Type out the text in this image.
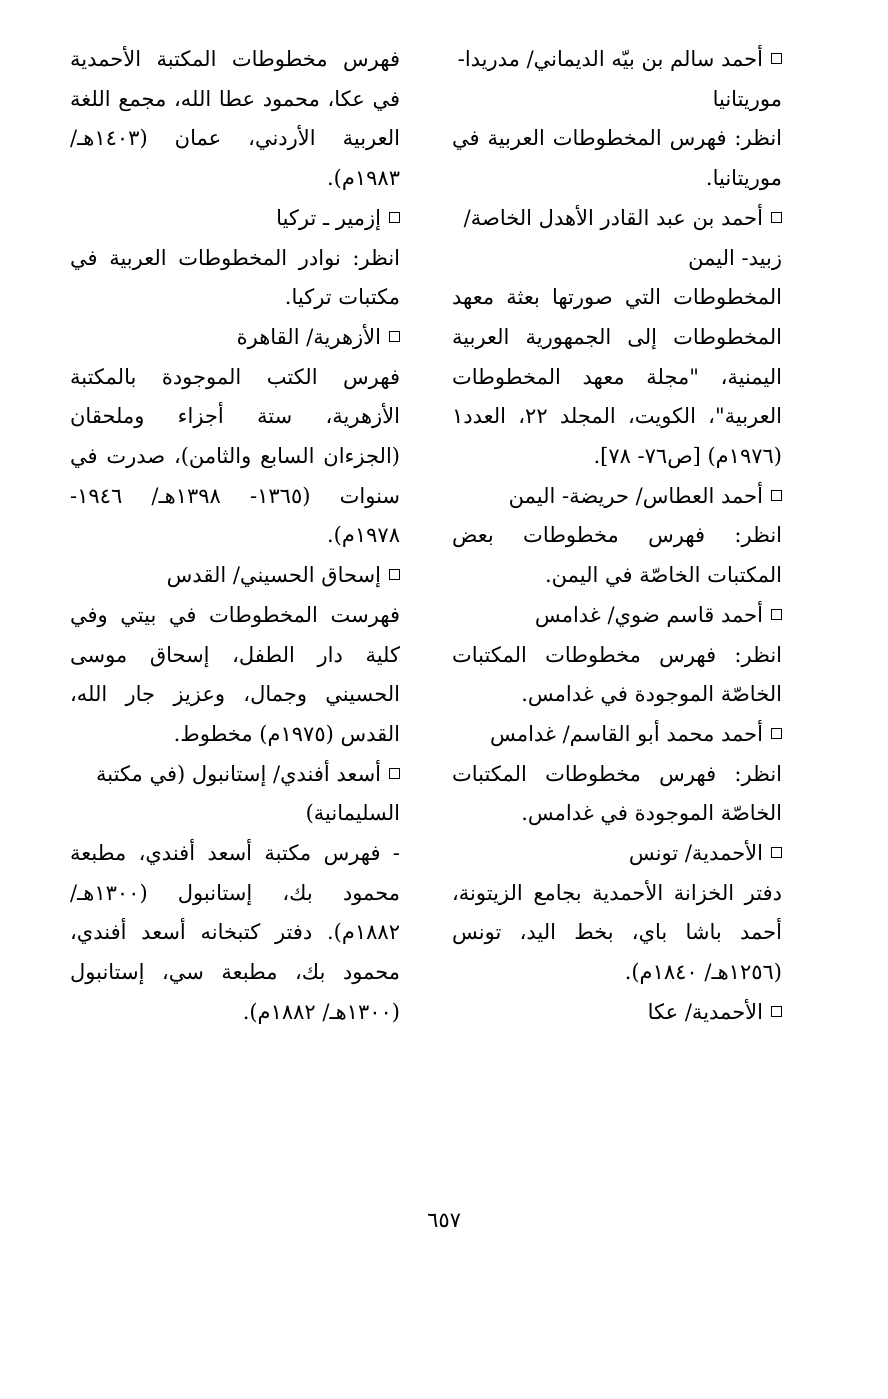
أحمد سالم بن بيّه الديماني/ مدريدا- موريتانيا
انظر: فهرس المخطوطات العربية في موريتانيا.

أحمد بن عبد القادر الأهدل الخاصة/ زبيد- اليمن
المخطوطات التي صورتها بعثة معهد المخطوطات إلى الجمهورية العربية اليمنية، "مجلة معهد المخطوطات العربية"، الكويت، المجلد ٢٢، العدد١ (١٩٧٦م) [ص٧٦- ٧٨].

أحمد العطاس/ حريضة- اليمن
انظر: فهرس مخطوطات بعض المكتبات الخاصّة في اليمن.

أحمد قاسم ضوي/ غدامس
انظر: فهرس مخطوطات المكتبات الخاصّة الموجودة في غدامس.

أحمد محمد أبو القاسم/ غدامس
انظر: فهرس مخطوطات المكتبات الخاصّة الموجودة في غدامس.

الأحمدية/ تونس
دفتر الخزانة الأحمدية بجامع الزيتونة، أحمد باشا باي، بخط اليد، تونس (١٢٥٦هـ/ ١٨٤٠م).

الأحمدية/ عكا

فهرس مخطوطات المكتبة الأحمدية في عكا، محمود عطا الله، مجمع اللغة العربية الأردني، عمان (١٤٠٣هـ/ ١٩٨٣م).

إزمير ـ تركيا
انظر: نوادر المخطوطات العربية في مكتبات تركيا.

الأزهرية/ القاهرة
فهرس الكتب الموجودة بالمكتبة الأزهرية، ستة أجزاء وملحقان (الجزءان السابع والثامن)، صدرت في سنوات (١٣٦٥- ١٣٩٨هـ/ ١٩٤٦- ١٩٧٨م).

إسحاق الحسيني/ القدس
فهرست المخطوطات في بيتي وفي كلية دار الطفل، إسحاق موسى الحسيني وجمال، وعزيز جار الله، القدس (١٩٧٥م) مخطوط.

أسعد أفندي/ إستانبول (في مكتبة السليمانية)
- فهرس مكتبة أسعد أفندي، مطبعة محمود بك، إستانبول (١٣٠٠هـ/ ١٨٨٢م). دفتر كتبخانه أسعد أفندي، محمود بك، مطبعة سي، إستانبول (١٣٠٠هـ/ ١٨٨٢م).

٦٥٧
